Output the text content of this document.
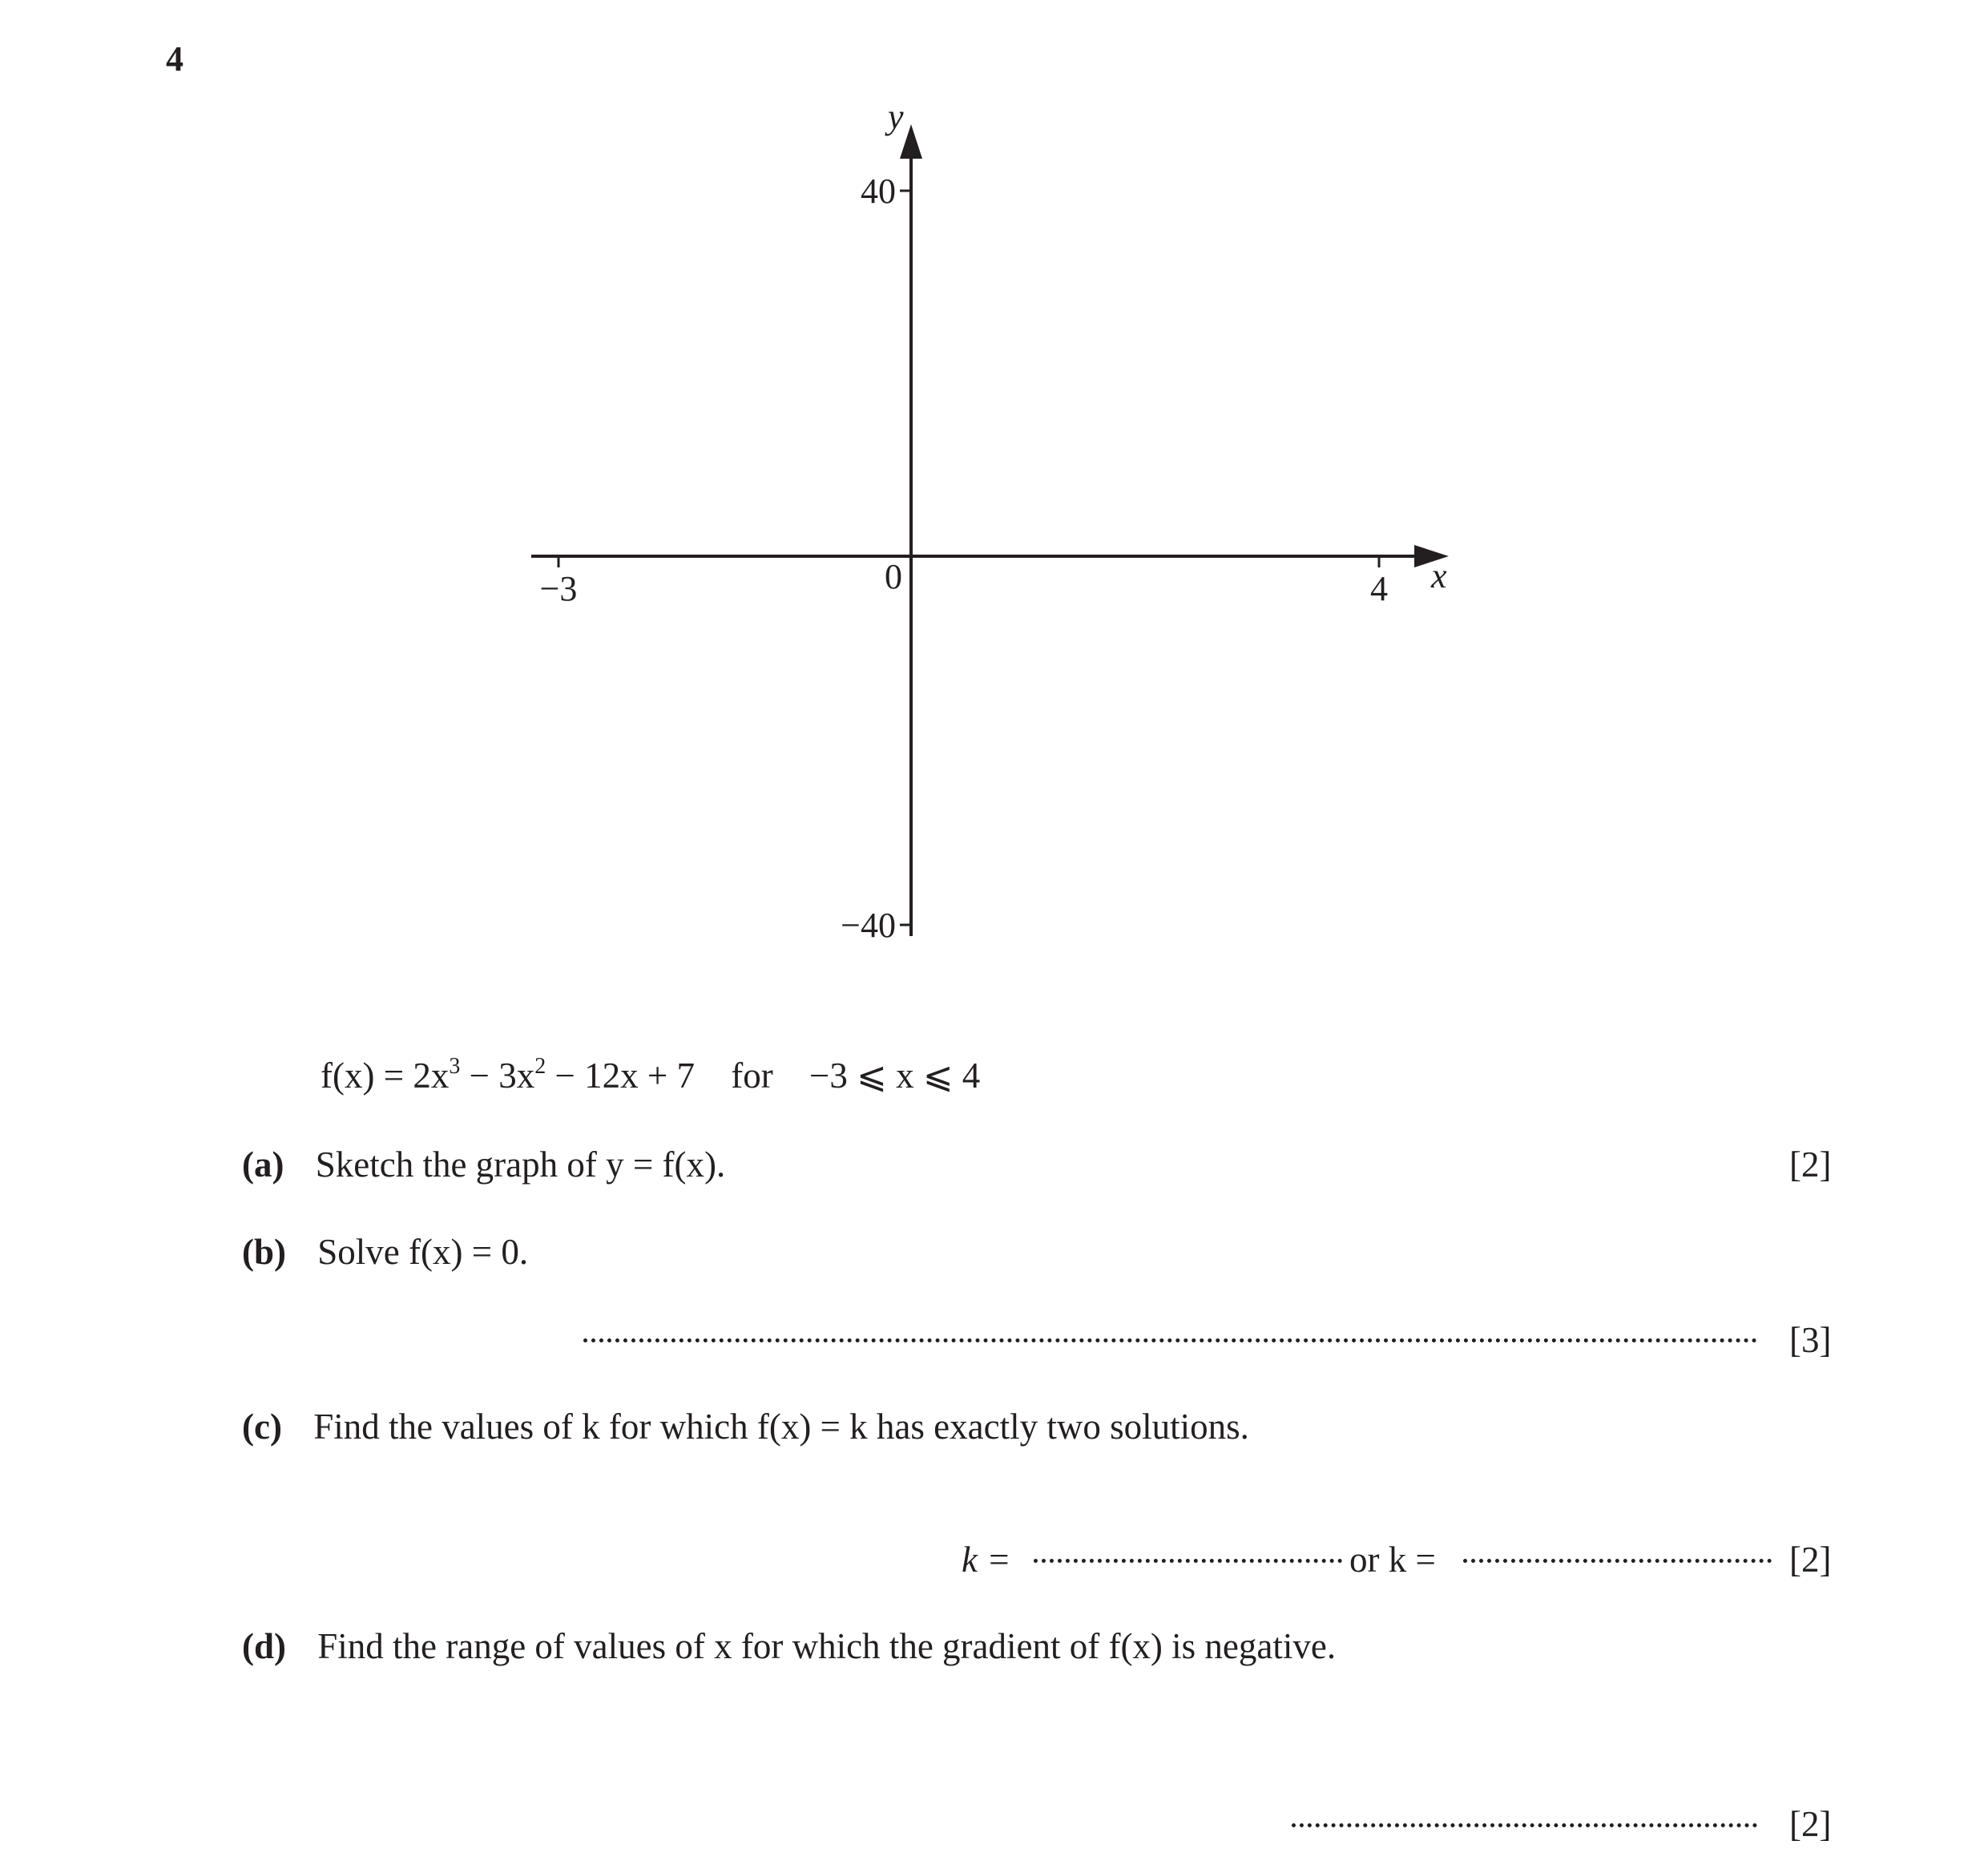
4
y
x
0
40
−40
−3	4
$f(x) = 2x^3 - 3x^2 - 12x + 7$ for −3 ⩽ x ⩽ 4
(a) Sketch the graph of y = f(x).	[2]
(b) Solve f(x) = 0.
[3]
(c) Find the values of k for which f(x) = k has exactly two solutions.
k =	or k =	[2]
(d) Find the range of values of x for which the gradient of f(x) is negative.
[2]
